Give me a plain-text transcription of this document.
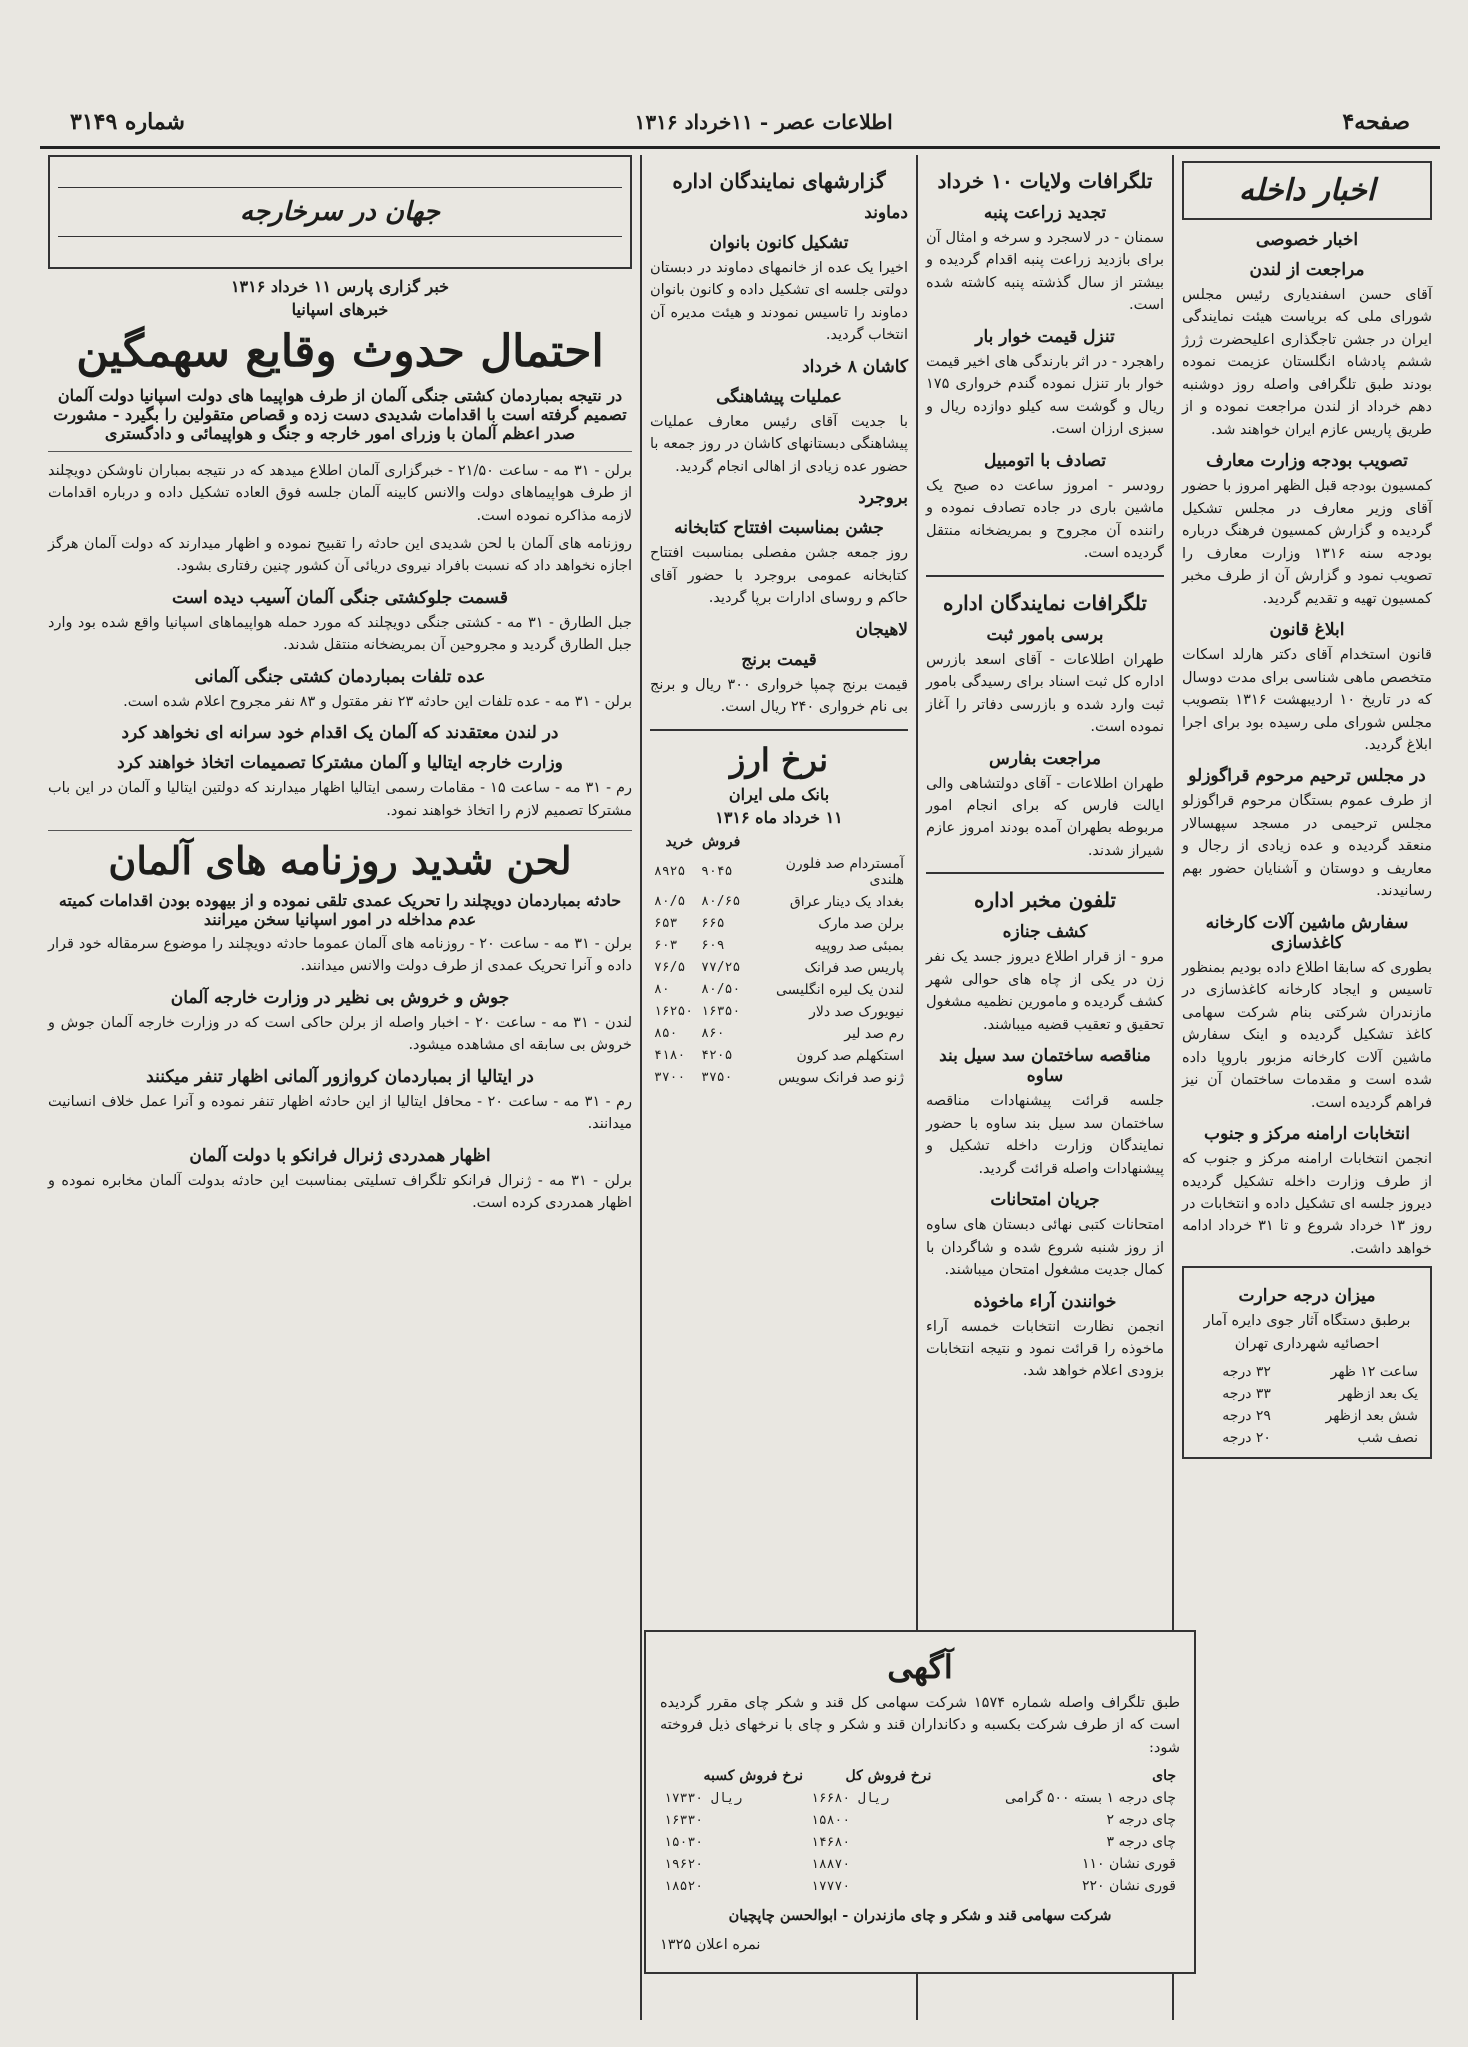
صفحه۴
اطلاعات عصر - ۱۱خرداد ۱۳۱۶
شماره ۳۱۴۹
اخبار داخله
اخبار خصوصی
مراجعت از لندن

آقای حسن اسفندیاری رئیس مجلس شورای ملی که بریاست هیئت نمایندگی ایران در جشن تاجگذاری اعلیحضرت ژرژ ششم پادشاه انگلستان عزیمت نموده بودند طبق تلگرافی واصله روز دوشنبه دهم خرداد از لندن مراجعت نموده و از طریق پاریس عازم ایران خواهند شد.

تصویب بودجه وزارت معارف

کمسیون بودجه قبل الظهر امروز با حضور آقای وزیر معارف در مجلس تشکیل گردیده و گزارش کمسیون فرهنگ درباره بودجه سنه ۱۳۱۶ وزارت معارف را تصویب نمود و گزارش آن از طرف مخبر کمسیون تهیه و تقدیم گردید.

ابلاغ قانون

قانون استخدام آقای دکتر هارلد اسکات متخصص ماهی شناسی برای مدت دوسال که در تاریخ ۱۰ اردیبهشت ۱۳۱۶ بتصویب مجلس شورای ملی رسیده بود برای اجرا ابلاغ گردید.

در مجلس ترحیم مرحوم قراگوزلو

از طرف عموم بستگان مرحوم قراگوزلو مجلس ترحیمی در مسجد سپهسالار منعقد گردیده و عده زیادی از رجال و معاریف و دوستان و آشنایان حضور بهم رسانیدند.

سفارش ماشین آلات کارخانه کاغذسازی

بطوری که سابقا اطلاع داده بودیم بمنظور تاسیس و ایجاد کارخانه کاغذسازی در مازندران شرکتی بنام شرکت سهامی کاغذ تشکیل گردیده و اینک سفارش ماشین آلات کارخانه مزبور باروپا داده شده است و مقدمات ساختمان آن نیز فراهم گردیده است.

انتخابات ارامنه مرکز و جنوب

انجمن انتخابات ارامنه مرکز و جنوب که از طرف وزارت داخله تشکیل گردیده دیروز جلسه ای تشکیل داده و انتخابات در روز ۱۳ خرداد شروع و تا ۳۱ خرداد ادامه خواهد داشت.

میزان درجه حرارت

برطبق دستگاه آثار جوی دایره آمار احصائیه شهرداری تهران

ساعت ۱۲ ظهر	۳۲ درجه
یک بعد ازظهر	۳۳ درجه
شش بعد ازظهر	۲۹ درجه
نصف شب	۲۰ درجه
تلگرافات ولایات ۱۰ خرداد
تجدید زراعت پنبه

سمنان - در لاسجرد و سرخه و امثال آن برای بازدید زراعت پنبه اقدام گردیده و بیشتر از سال گذشته پنبه کاشته شده است.

تنزل قیمت خوار بار

راهجرد - در اثر بارندگی های اخیر قیمت خوار بار تنزل نموده گندم خرواری ۱۷۵ ریال و گوشت سه کیلو دوازده ریال و سبزی ارزان است.

تصادف با اتومبیل

رودسر - امروز ساعت ده صبح یک ماشین باری در جاده تصادف نموده و راننده آن مجروح و بمریضخانه منتقل گردیده است.

تلگرافات نمایندگان اداره
برسی بامور ثبت

طهران اطلاعات - آقای اسعد بازرس اداره کل ثبت اسناد برای رسیدگی بامور ثبت وارد شده و بازرسی دفاتر را آغاز نموده است.

مراجعت بفارس

طهران اطلاعات - آقای دولتشاهی والی ایالت فارس که برای انجام امور مربوطه بطهران آمده بودند امروز عازم شیراز شدند.

تلفون مخبر اداره
کشف جنازه

مرو - از قرار اطلاع دیروز جسد یک نفر زن در یکی از چاه های حوالی شهر کشف گردیده و مامورین نظمیه مشغول تحقیق و تعقیب قضیه میباشند.

مناقصه ساختمان سد سیل بند ساوه

جلسه قرائت پیشنهادات مناقصه ساختمان سد سیل بند ساوه با حضور نمایندگان وزارت داخله تشکیل و پیشنهادات واصله قرائت گردید.

جریان امتحانات

امتحانات کتبی نهائی دبستان های ساوه از روز شنبه شروع شده و شاگردان با کمال جدیت مشغول امتحان میباشند.

خوانندن آراء ماخوذه

انجمن نظارت انتخابات خمسه آراء ماخوذه را قرائت نمود و نتیجه انتخابات بزودی اعلام خواهد شد.

گزارشهای نمایندگان اداره
دماوند
تشکیل کانون بانوان

اخیرا یک عده از خانمهای دماوند در دبستان دولتی جلسه ای تشکیل داده و کانون بانوان دماوند را تاسیس نمودند و هیئت مدیره آن انتخاب گردید.

کاشان ۸ خرداد
عملیات پیشاهنگی

با جدیت آقای رئیس معارف عملیات پیشاهنگی دبستانهای کاشان در روز جمعه با حضور عده زیادی از اهالی انجام گردید.

بروجرد
جشن بمناسبت افتتاح کتابخانه

روز جمعه جشن مفصلی بمناسبت افتتاح کتابخانه عمومی بروجرد با حضور آقای حاکم و روسای ادارات برپا گردید.

لاهیجان
قیمت برنج

قیمت برنج چمپا خرواری ۳۰۰ ریال و برنج بی نام خرواری ۲۴۰ ریال است.

نرخ ارز
بانک ملی ایران
۱۱ خرداد ماه ۱۳۱۶
	فروش	خرید
آمستردام صد فلورن هلندی	۹۰۴۵	۸۹۲۵
بغداد یک دینار عراق	۸۰/۶۵	۸۰/۵
برلن صد مارک	۶۶۵	۶۵۳
بمبئی صد روپیه	۶۰۹	۶۰۳
پاریس صد فرانک	۷۷/۲۵	۷۶/۵
لندن یک لیره انگلیسی	۸۰/۵۰	۸۰
نیویورک صد دلار	۱۶۳۵۰	۱۶۲۵۰
رم صد لیر	۸۶۰	۸۵۰
استکهلم صد کرون	۴۲۰۵	۴۱۸۰
ژنو صد فرانک سویس	۳۷۵۰	۳۷۰۰
جهان در سرخارجه
خبر گزاری پارس ۱۱ خرداد ۱۳۱۶
خبرهای اسپانیا
احتمال حدوث وقایع سهمگین
در نتیجه بمباردمان کشتی جنگی آلمان از طرف هواپیما های دولت اسپانیا دولت آلمان تصمیم گرفته است با اقدامات شدیدی دست زده و قصاص متقولین را بگیرد - مشورت صدر اعظم آلمان با وزرای امور خارجه و جنگ و هواپیمائی و دادگستری

برلن - ۳۱ مه - ساعت ۲۱/۵۰ - خبرگزاری آلمان اطلاع میدهد که در نتیجه بمباران ناوشکن دویچلند از طرف هواپیماهای دولت والانس کابینه آلمان جلسه فوق العاده تشکیل داده و درباره اقدامات لازمه مذاکره نموده است.

روزنامه های آلمان با لحن شدیدی این حادثه را تقبیح نموده و اظهار میدارند که دولت آلمان هرگز اجازه نخواهد داد که نسبت بافراد نیروی دریائی آن کشور چنین رفتاری بشود.

قسمت جلوکشتی جنگی آلمان آسیب دیده است

جبل الطارق - ۳۱ مه - کشتی جنگی دویچلند که مورد حمله هواپیماهای اسپانیا واقع شده بود وارد جبل الطارق گردید و مجروحین آن بمریضخانه منتقل شدند.

عده تلفات بمباردمان کشتی جنگی آلمانی

برلن - ۳۱ مه - عده تلفات این حادثه ۲۳ نفر مقتول و ۸۳ نفر مجروح اعلام شده است.

در لندن معتقدند که آلمان یک اقدام خود سرانه ای نخواهد کرد
وزارت خارجه ایتالیا و آلمان مشترکا تصمیمات اتخاذ خواهند کرد

رم - ۳۱ مه - ساعت ۱۵ - مقامات رسمی ایتالیا اظهار میدارند که دولتین ایتالیا و آلمان در این باب مشترکا تصمیم لازم را اتخاذ خواهند نمود.

لحن شدید روزنامه های آلمان
حادثه بمباردمان دویچلند را تحریک عمدی تلقی نموده و از بیهوده بودن اقدامات کمیته عدم مداخله در امور اسپانیا سخن میرانند

برلن - ۳۱ مه - ساعت ۲۰ - روزنامه های آلمان عموما حادثه دویچلند را موضوع سرمقاله خود قرار داده و آنرا تحریک عمدی از طرف دولت والانس میدانند.

جوش و خروش بی نظیر در وزارت خارجه آلمان

لندن - ۳۱ مه - ساعت ۲۰ - اخبار واصله از برلن حاکی است که در وزارت خارجه آلمان جوش و خروش بی سابقه ای مشاهده میشود.

در ایتالیا از بمباردمان کروازور آلمانی اظهار تنفر میکنند

رم - ۳۱ مه - ساعت ۲۰ - محافل ایتالیا از این حادثه اظهار تنفر نموده و آنرا عمل خلاف انسانیت میدانند.

اظهار همدردی ژنرال فرانکو با دولت آلمان

برلن - ۳۱ مه - ژنرال فرانکو تلگراف تسلیتی بمناسبت این حادثه بدولت آلمان مخابره نموده و اظهار همدردی کرده است.

آگهی

طبق تلگراف واصله شماره ۱۵۷۴ شرکت سهامی کل قند و شکر چای مقرر گردیده است که از طرف شرکت بکسبه و دکانداران قند و شکر و چای با نرخهای ذیل فروخته شود:

جای	نرخ فروش کل	نرخ فروش کسبه
چای درجه ۱ بسته ۵۰۰ گرامی	۱۶۶۸۰ ریال	۱۷۳۳۰ ریال
چای درجه ۲	۱۵۸۰۰	۱۶۳۳۰
چای درجه ۳	۱۴۶۸۰	۱۵۰۳۰
قوری نشان ۱۱۰	۱۸۸۷۰	۱۹۶۲۰
قوری نشان ۲۲۰	۱۷۷۷۰	۱۸۵۲۰

شرکت سهامی قند و شکر و چای مازندران - ابوالحسن چاپچیان

نمره اعلان ۱۳۲۵
